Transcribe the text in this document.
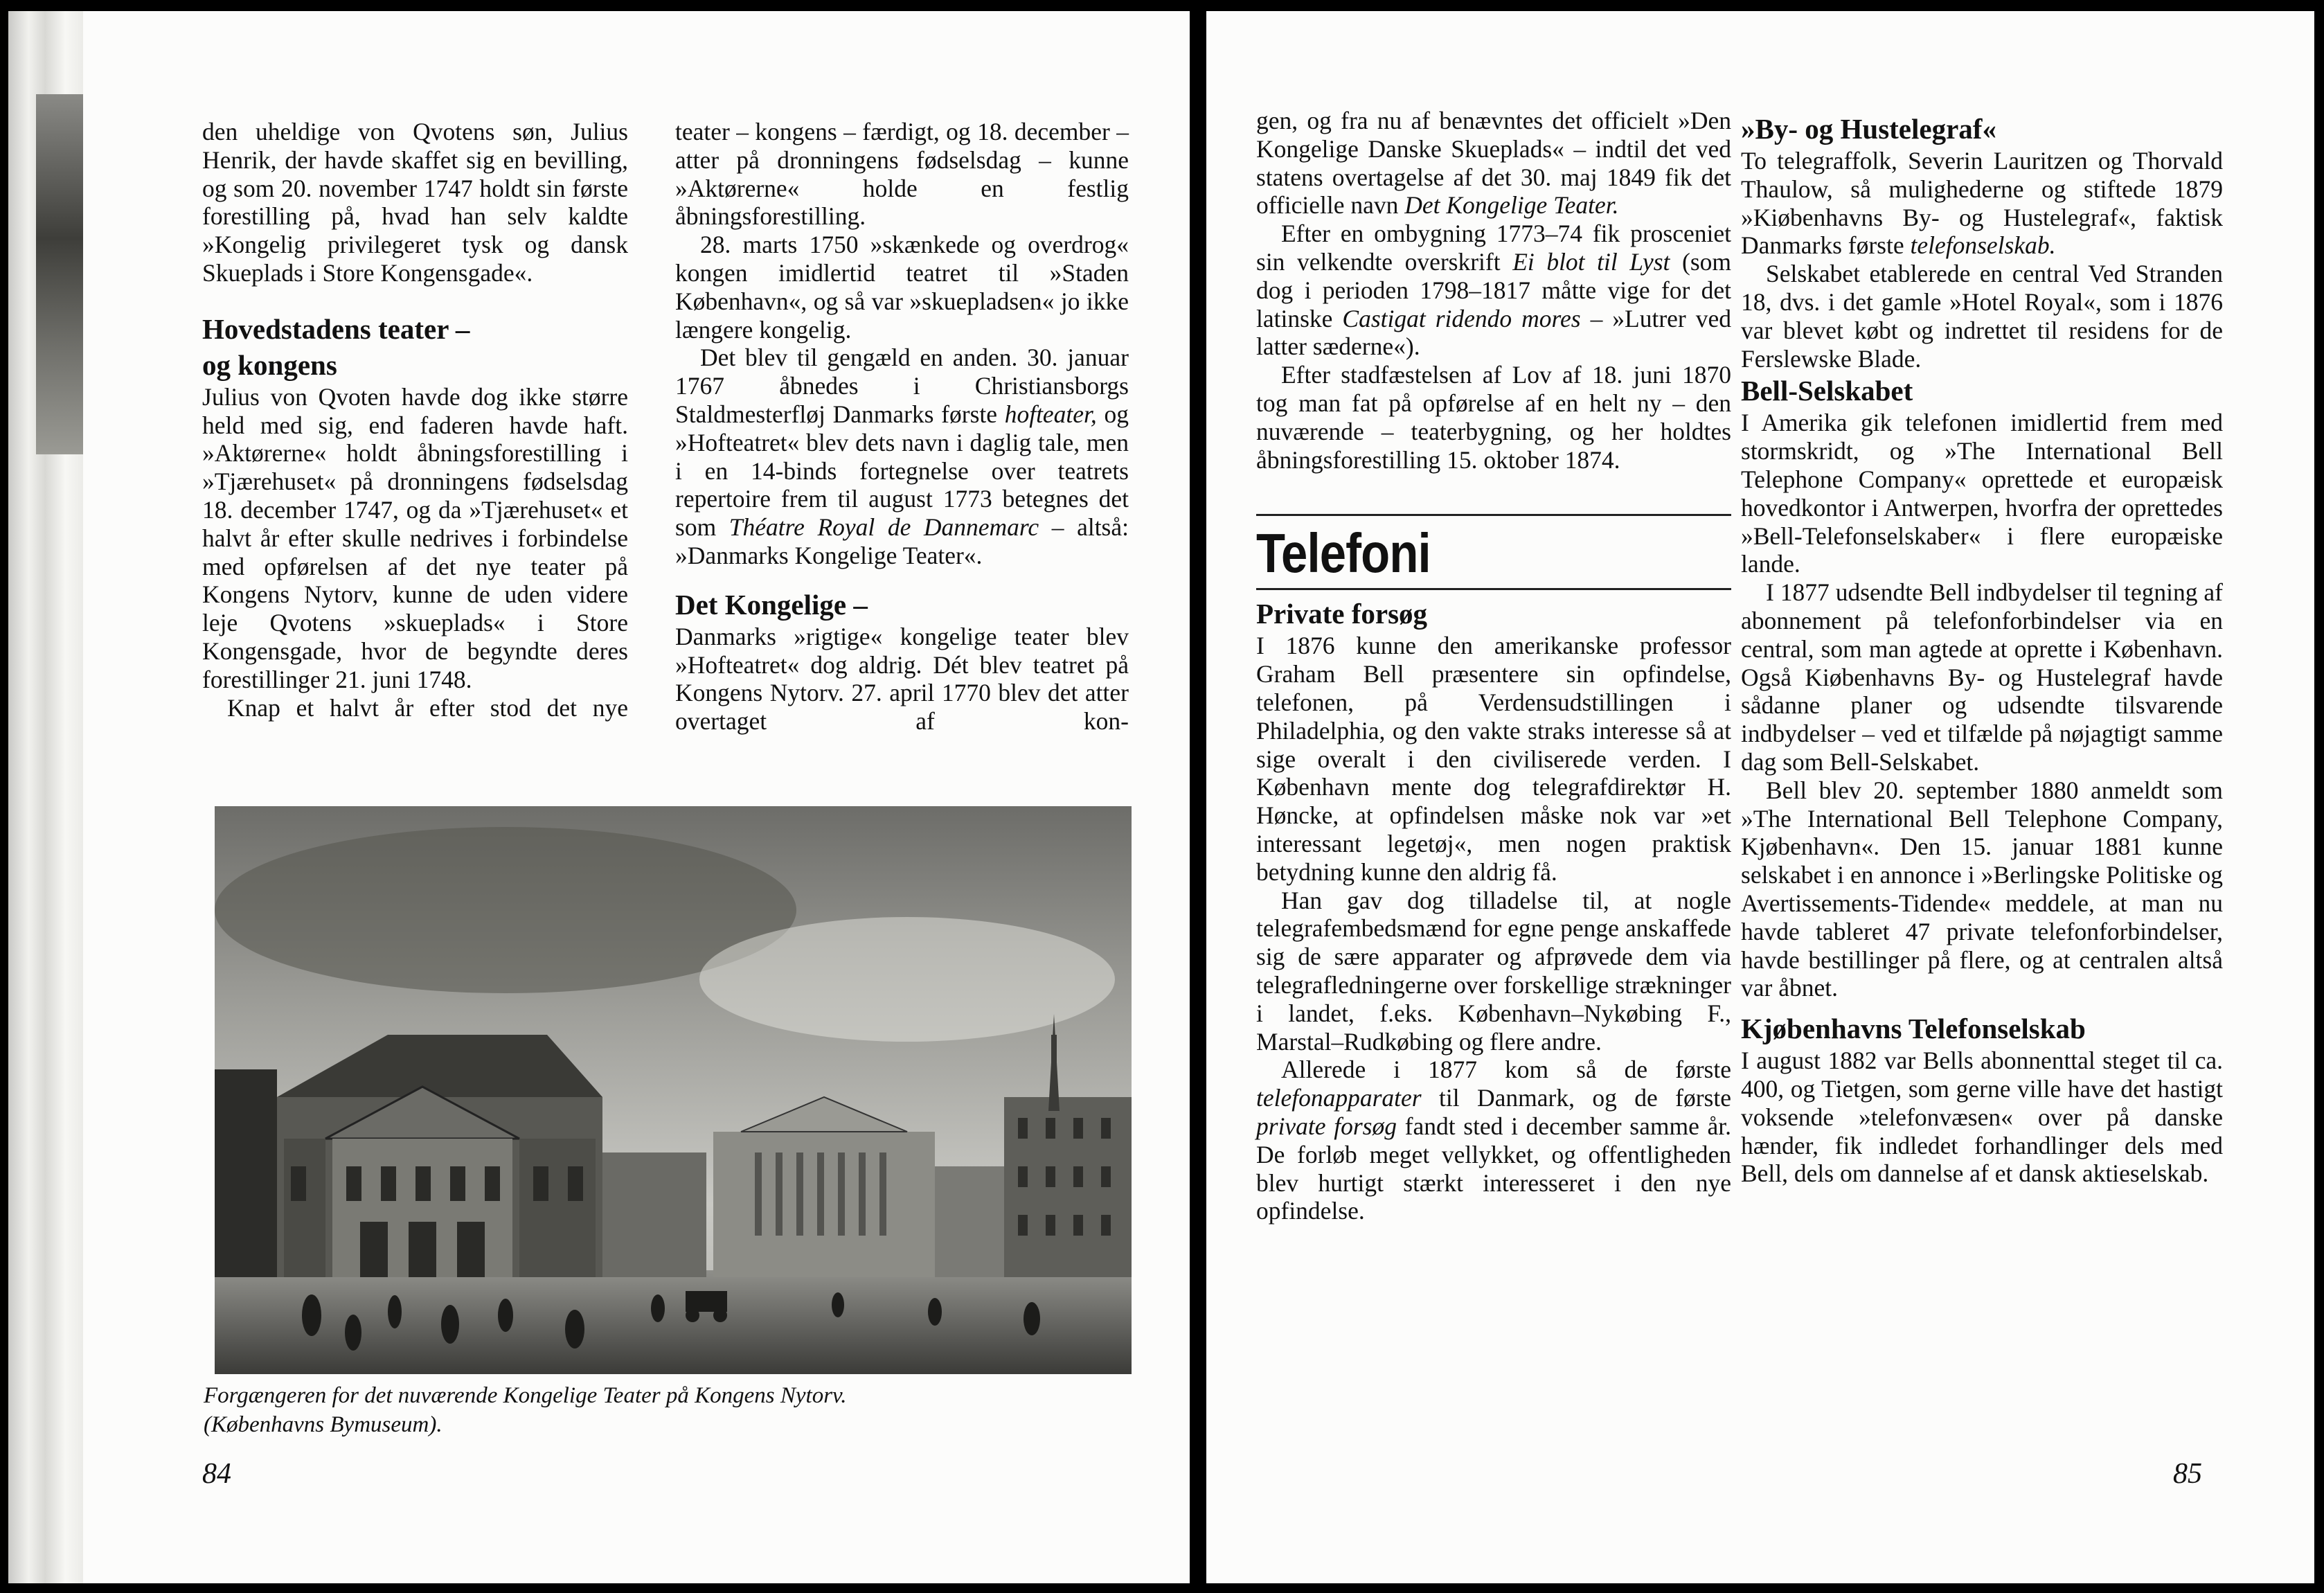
den uheldige von Qvotens søn, Julius Henrik, der havde skaffet sig en bevilling, og som 20. november 1747 holdt sin første forestilling på, hvad han selv kaldte »Kongelig privilegeret tysk og dansk Skueplads i Store Kongensgade«.

Hovedstadens teater –
og kongens

Julius von Qvoten havde dog ikke større held med sig, end faderen havde haft. »Aktørerne« holdt åbningsforestilling i »Tjærehuset« på dronningens fødselsdag 18. december 1747, og da »Tjærehuset« et halvt år efter skulle nedrives i forbindelse med opførelsen af det nye teater på Kongens Nytorv, kunne de uden videre leje Qvotens »skueplads« i Store Kongensgade, hvor de begyndte deres forestillinger 21. juni 1748.

Knap et halvt år efter stod det nye

teater – kongens – færdigt, og 18. december – atter på dronningens fødselsdag – kunne »Aktørerne« holde en festlig åbningsforestilling.

28. marts 1750 »skænkede og overdrog« kongen imidlertid teatret til »Staden København«, og så var »skuepladsen« jo ikke længere kongelig.

Det blev til gengæld en anden. 30. januar 1767 åbnedes i Christiansborgs Staldmesterfløj Danmarks første hofteater, og »Hofteatret« blev dets navn i daglig tale, men i en 14-binds fortegnelse over teatrets repertoire frem til august 1773 betegnes det som Théatre Royal de Dannemarc – altså: »Danmarks Kongelige Teater«.

Det Kongelige –

Danmarks »rigtige« kongelige teater blev »Hofteatret« dog aldrig. Dét blev teatret på Kongens Nytorv. 27. april 1770 blev det atter overtaget af kon-

Forgængeren for det nuværende Kongelige Teater på Kongens Nytorv.
(Københavns Bymuseum).
84

gen, og fra nu af benævntes det officielt »Den Kongelige Danske Skueplads« – indtil det ved statens overtagelse af det 30. maj 1849 fik det officielle navn Det Kongelige Teater.

Efter en ombygning 1773–74 fik prosceniet sin velkendte overskrift Ei blot til Lyst (som dog i perioden 1798–1817 måtte vige for det latinske Castigat ridendo mores – »Lutrer ved latter sæderne«).

Efter stadfæstelsen af Lov af 18. juni 1870 tog man fat på opførelse af en helt ny – den nuværende – teaterbygning, og her holdtes åbningsforestilling 15. oktober 1874.

Telefoni
Private forsøg

I 1876 kunne den amerikanske professor Graham Bell præsentere sin opfindelse, telefonen, på Verdensudstillingen i Philadelphia, og den vakte straks interesse så at sige overalt i den civiliserede verden. I København mente dog telegrafdirektør H. Høncke, at opfindelsen måske nok var »et interessant legetøj«, men nogen praktisk betydning kunne den aldrig få.

Han gav dog tilladelse til, at nogle telegrafembedsmænd for egne penge anskaffede sig de sære apparater og afprøvede dem via telegrafledningerne over forskellige strækninger i landet, f.eks. København–Nykøbing F., Marstal–Rudkøbing og flere andre.

Allerede i 1877 kom så de første telefonapparater til Danmark, og de første private forsøg fandt sted i december samme år. De forløb meget vellykket, og offentligheden blev hurtigt stærkt interesseret i den nye opfindelse.

»By- og Hustelegraf«

To telegraffolk, Severin Lauritzen og Thorvald Thaulow, så mulighederne og stiftede 1879 »Kiøbenhavns By- og Hustelegraf«, faktisk Danmarks første telefonselskab.

Selskabet etablerede en central Ved Stranden 18, dvs. i det gamle »Hotel Royal«, som i 1876 var blevet købt og indrettet til residens for de Ferslewske Blade.

Bell-Selskabet

I Amerika gik telefonen imidlertid frem med stormskridt, og »The International Bell Telephone Company« oprettede et europæisk hovedkontor i Antwerpen, hvorfra der oprettedes »Bell-Telefonselskaber« i flere europæiske lande.

I 1877 udsendte Bell indbydelser til tegning af abonnement på telefonforbindelser via en central, som man agtede at oprette i København. Også Kiøbenhavns By- og Hustelegraf havde sådanne planer og udsendte tilsvarende indbydelser – ved et tilfælde på nøjagtigt samme dag som Bell-Selskabet.

Bell blev 20. september 1880 anmeldt som »The International Bell Telephone Company, Kjøbenhavn«. Den 15. januar 1881 kunne selskabet i en annonce i »Berlingske Politiske og Avertissements-Tidende« meddele, at man nu havde tableret 47 private telefonforbindelser, havde bestillinger på flere, og at centralen altså var åbnet.

Kjøbenhavns Telefonselskab

I august 1882 var Bells abonnenttal steget til ca. 400, og Tietgen, som gerne ville have det hastigt voksende »telefonvæsen« over på danske hænder, fik indledet forhandlinger dels med Bell, dels om dannelse af et dansk aktieselskab.

85
